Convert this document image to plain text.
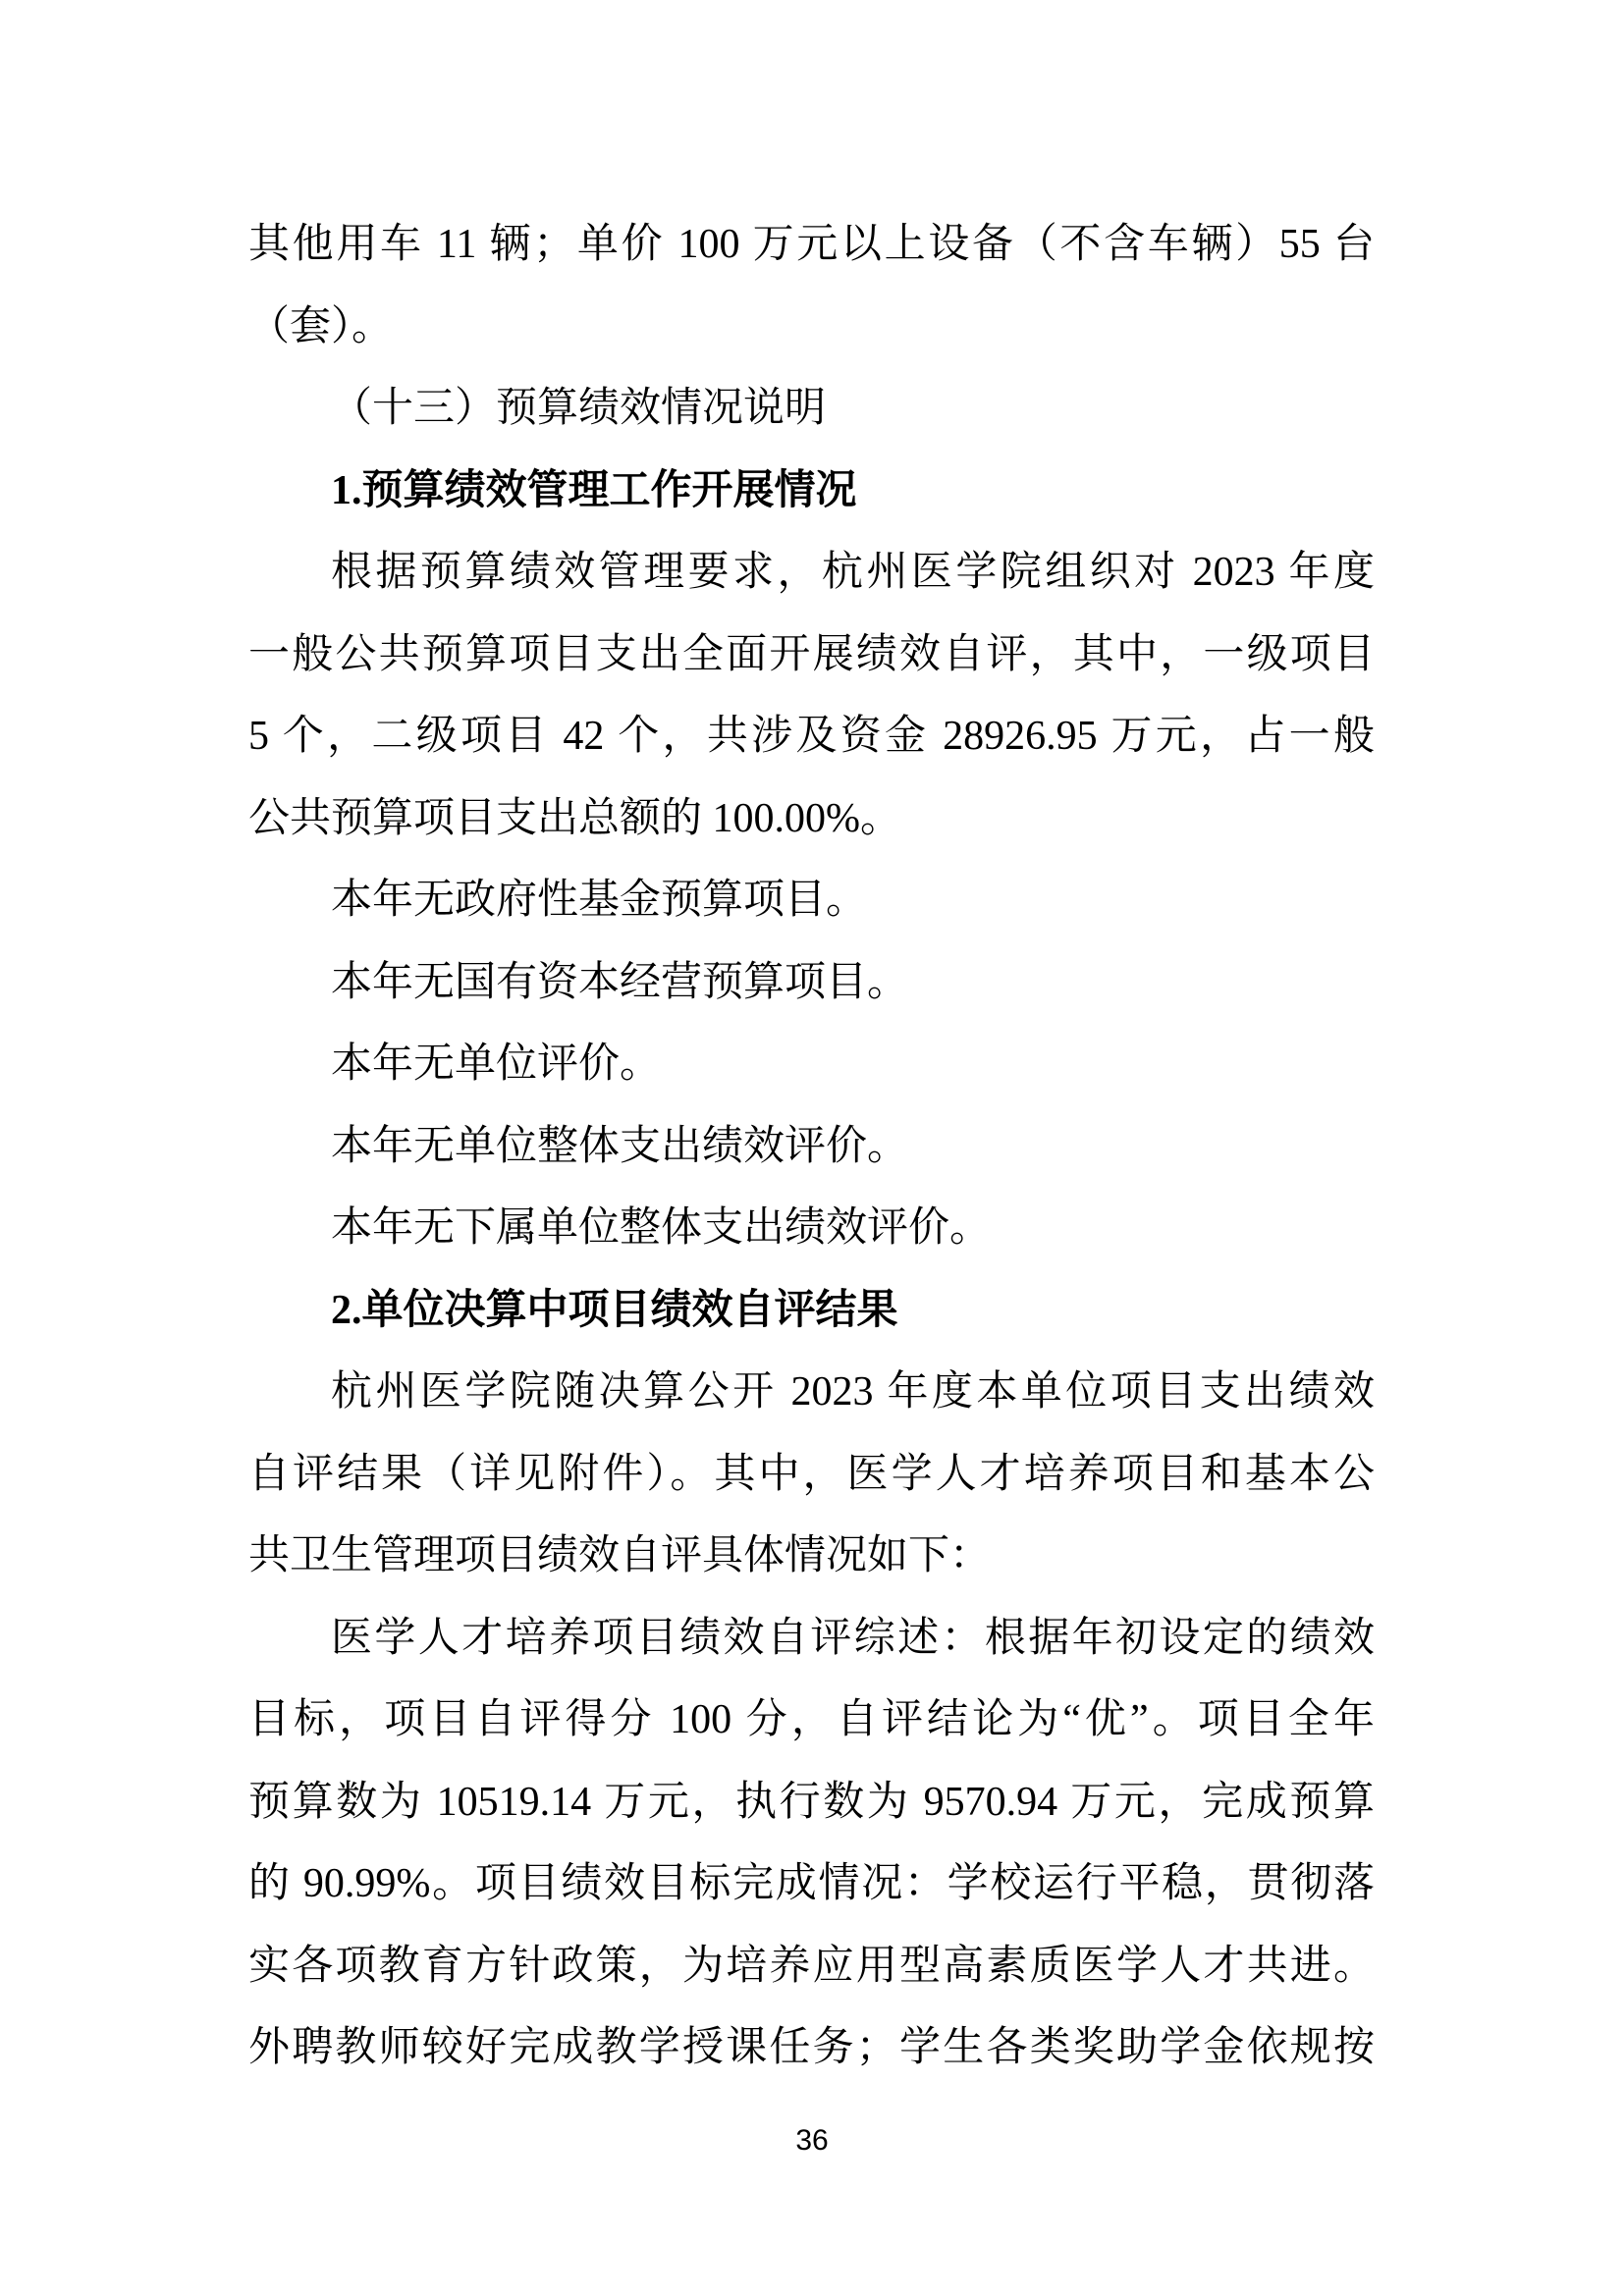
其他用车 11 辆；单价 100 万元以上设备（不含车辆）55 台
（套）。
（十三）预算绩效情况说明
1.预算绩效管理工作开展情况
根据预算绩效管理要求，杭州医学院组织对 2023 年度
一般公共预算项目支出全面开展绩效自评，其中，一级项目
5 个，二级项目 42 个，共涉及资金 28926.95 万元，占一般
公共预算项目支出总额的 100.00%。
本年无政府性基金预算项目。
本年无国有资本经营预算项目。
本年无单位评价。
本年无单位整体支出绩效评价。
本年无下属单位整体支出绩效评价。
2.单位决算中项目绩效自评结果
杭州医学院随决算公开 2023 年度本单位项目支出绩效
自评结果（详见附件）。其中，医学人才培养项目和基本公
共卫生管理项目绩效自评具体情况如下：
医学人才培养项目绩效自评综述：根据年初设定的绩效
目标，项目自评得分 100 分，自评结论为“优”。项目全年
预算数为 10519.14 万元，执行数为 9570.94 万元，完成预算
的 90.99%。项目绩效目标完成情况：学校运行平稳，贯彻落
实各项教育方针政策，为培养应用型高素质医学人才共进。
外聘教师较好完成教学授课任务；学生各类奖助学金依规按
36
